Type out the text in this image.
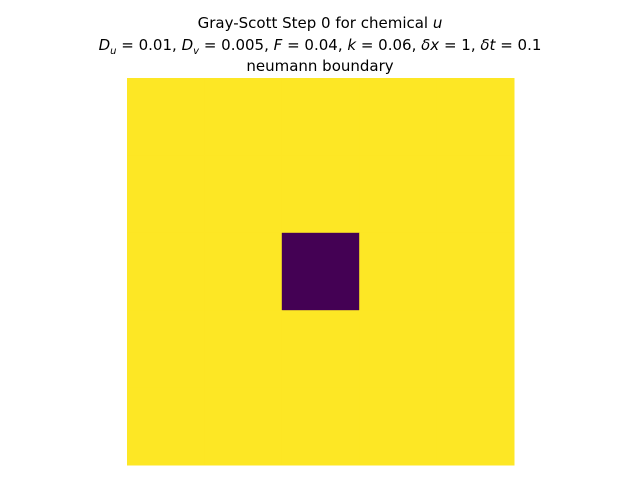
Gray-Scott Step 0 for chemical u
$D_u = 0.01$, $D_v = 0.005$, F = 0.04, k = 0.06, δx = 1, δt = 0.1
neumann boundary
